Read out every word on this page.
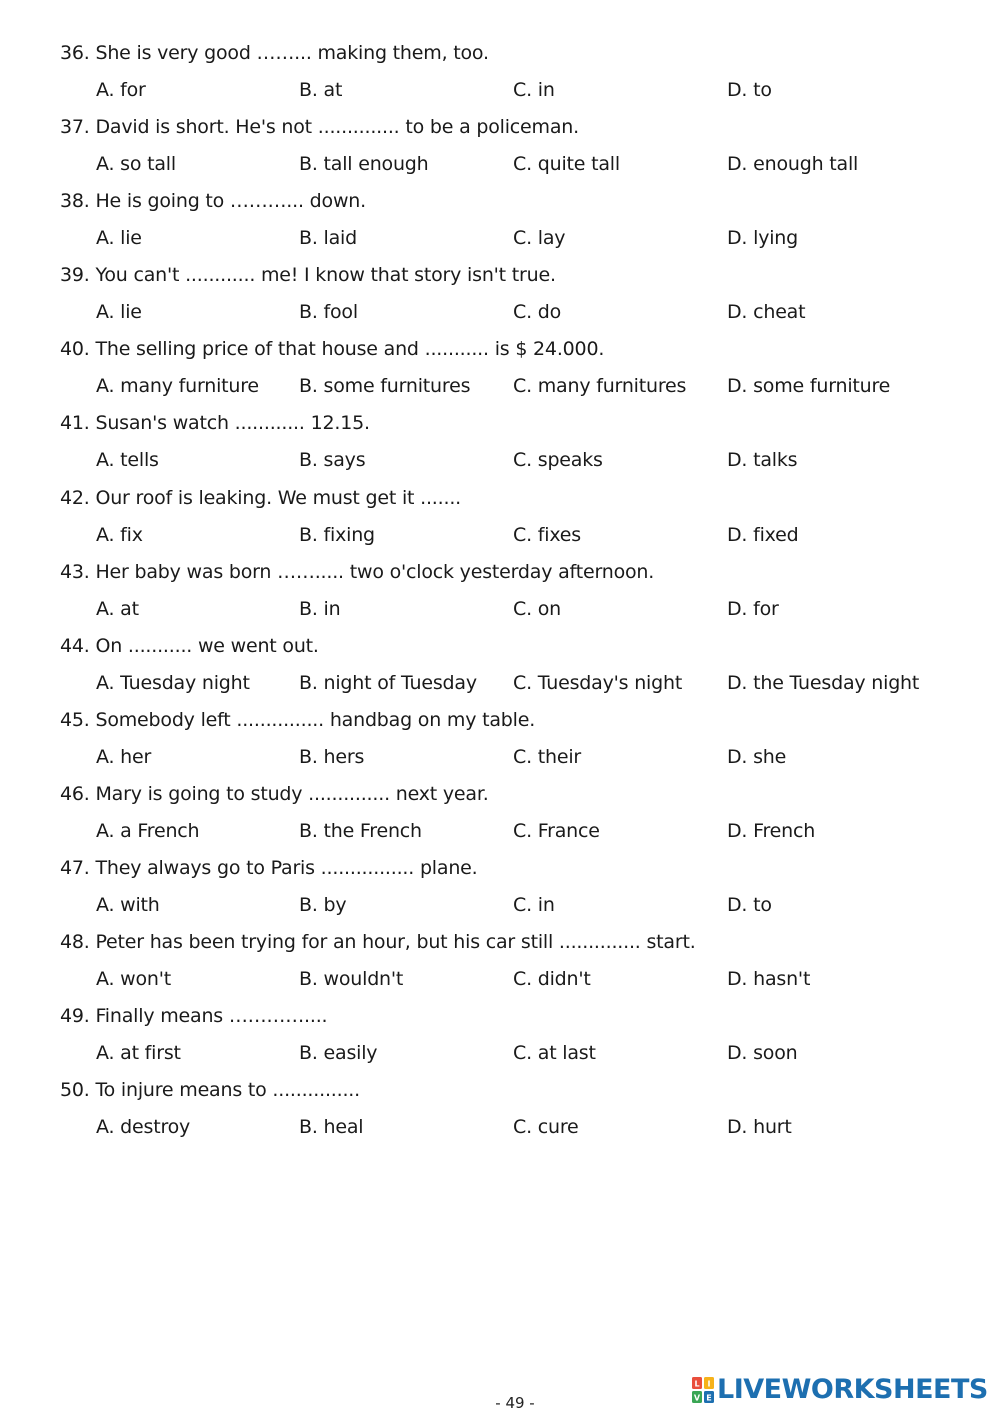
36. She is very good ……... making them, too.
A. for	B. at	C. in	D. to
37. David is short. He's not .............. to be a policeman.
A. so tall	B. tall enough	C. quite tall	D. enough tall
38. He is going to ………... down.
A. lie	B. laid	C. lay	D. lying
39. You can't ............ me! I know that story isn't true.
A. lie	B. fool	C. do	D. cheat
40. The selling price of that house and ........... is $ 24.000.
A. many furniture B. some furnitures C. many furnitures D. some furniture
41. Susan's watch ............ 12.15.
A. tells	B. says	C. speaks	D. talks
42. Our roof is leaking. We must get it .......
A. fix	B. fixing	C. fixes	D. fixed
43. Her baby was born ……..... two o'clock yesterday afternoon.
A. at	B. in	C. on	D. for
44. On ........... we went out.
A. Tuesday night	B. night of Tuesday C. Tuesday's night D. the Tuesday night
45. Somebody left ............... handbag on my table.
A. her	B. hers	C. their	D. she
46. Mary is going to study .............. next year.
A. a French	B. the French	C. France	D. French
47. They always go to Paris ................ plane.
A. with	B. by	C. in	D. to
48. Peter has been trying for an hour, but his car still .............. start.
A. won't	B. wouldn't	C. didn't	D. hasn't
49. Finally means …………....
A. at first	B. easily	C. at last	D. soon
50. To injure means to ...............
A. destroy	B. heal	C. cure	D. hurt
- 49 -
L I
V E LIVEWORKSHEETS
